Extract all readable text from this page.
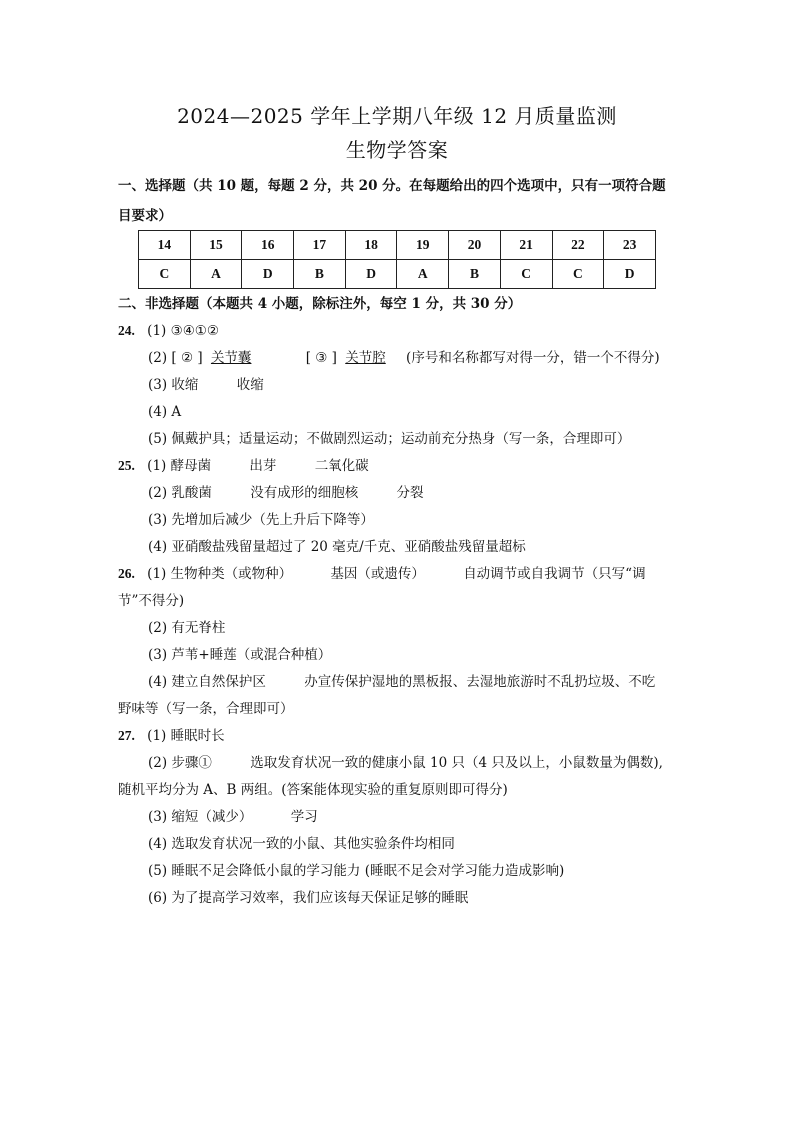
2024—2025 学年上学期八年级 12 月质量监测
生物学答案
一、选择题（共 10 题，每题 2 分，共 20 分。在每题给出的四个选项中，只有一项符合题
目要求）
14	15	16	17	18	19	20	21	22	23
C	A	D	B	D	A	B	C	C	D
二、非选择题（本题共 4 小题，除标注外，每空 1 分，共 30 分）
24. (1) ③④①②
(2) [ ② ] 关节囊	[ ③ ] 关节腔 (序号和名称都写对得一分，错一个不得分)
(3) 收缩	收缩
(4) A
(5) 佩戴护具；适量运动；不做剧烈运动；运动前充分热身（写一条，合理即可）
25. (1) 酵母菌	出芽	二氧化碳
(2) 乳酸菌	没有成形的细胞核	分裂
(3) 先增加后减少（先上升后下降等）
(4) 亚硝酸盐残留量超过了 20 毫克/千克、亚硝酸盐残留量超标
26. (1) 生物种类（或物种）	基因（或遗传）	自动调节或自我调节（只写“调
节”不得分)
(2) 有无脊柱
(3) 芦苇+睡莲（或混合种植）
(4) 建立自然保护区	办宣传保护湿地的黑板报、去湿地旅游时不乱扔垃圾、不吃
野味等（写一条，合理即可）
27. (1) 睡眠时长
(2) 步骤①	选取发育状况一致的健康小鼠 10 只（4 只及以上，小鼠数量为偶数),
随机平均分为 A、B 两组。(答案能体现实验的重复原则即可得分)
(3) 缩短（减少）	学习
(4) 选取发育状况一致的小鼠、其他实验条件均相同
(5) 睡眠不足会降低小鼠的学习能力 (睡眠不足会对学习能力造成影响)
(6) 为了提高学习效率，我们应该每天保证足够的睡眠
